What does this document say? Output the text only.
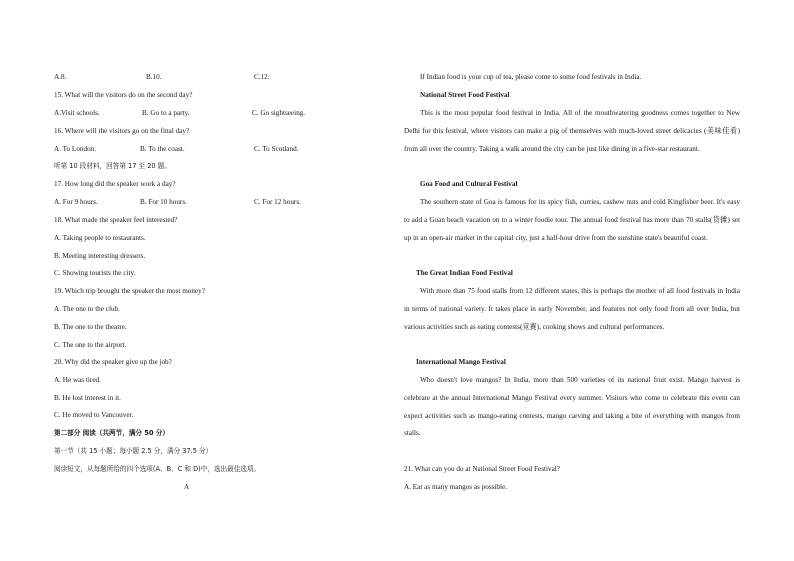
A.8.	B.10.	C.12.
15. What will the visitors do on the second day?
A.Visit schools.	B. Go to a party.	C. Go sightseeing.
16. Where will the visitors go on the final day?
A. To London.	B. To the coast.	C. To Scotland.
听第 10 段材料，回答第 17 至 20 题。
17. How long did the speaker work a day?
A. For 9 hours.	B. For 10 hours.	C. For 12 hours.
18. What made the speaker feel interested?
A. Taking people to restaurants.
B. Meeting interesting dressers.
C. Showing tourists the city.
19. Which trip brought the speaker the most money?
A. The one to the club.
B. The one to the theatre.
C. The one to the airport.
20. Why did the speaker give up the job?
A. He was tired.
B. He lost interest in it.
C. He moved to Vancouver.
第二部分 阅读（共两节，满分 50 分）
第一节（共 15 小题；每小题 2.5 分，满分 37.5 分）
阅读短文，从每题所给的四个选项(A、B、C 和 D)中，选出最佳选项。
A
If Indian food is your cup of tea, please come to some food festivals in India.
National Street Food Festival
This is the most popular food festival in India. All of the mouthwatering goodness comes together to New Delhi for this festival, where visitors can make a pig of themselves with much-loved street delicacies (美味佳肴) from all over the country. Taking a walk around the city can be just like dining in a five-star restaurant.
Goa Food and Cultural Festival
The southern state of Goa is famous for its spicy fish, curries, cashew nuts and cold Kingfisher beer. It's easy to add a Goan beach vacation on to a winter foodie tour. The annual food festival has more than 70 stalls(货摊) set up in an open-air market in the capital city, just a half-hour drive from the sunshine state's beautiful coast.
The Great Indian Food Festival
With more than 75 food stalls from 12 different states, this is perhaps the mother of all food festivals in India in terms of national variety. It takes place in early November, and features not only food from all over India, but various activities such as eating contests(竞赛), cooking shows and cultural performances.
International Mango Festival
Who doesn't love mangos? In India, more than 500 varieties of its national fruit exist. Mango harvest is celebrate at the annual International Mango Festival every summer. Visitors who come to celebrate this event can expect activities such as mango-eating contests, mango carving and taking a bite of everything with mangos from stalls.
21. What can you do at National Street Food Festival?
A. Eat as many mangos as possible.
